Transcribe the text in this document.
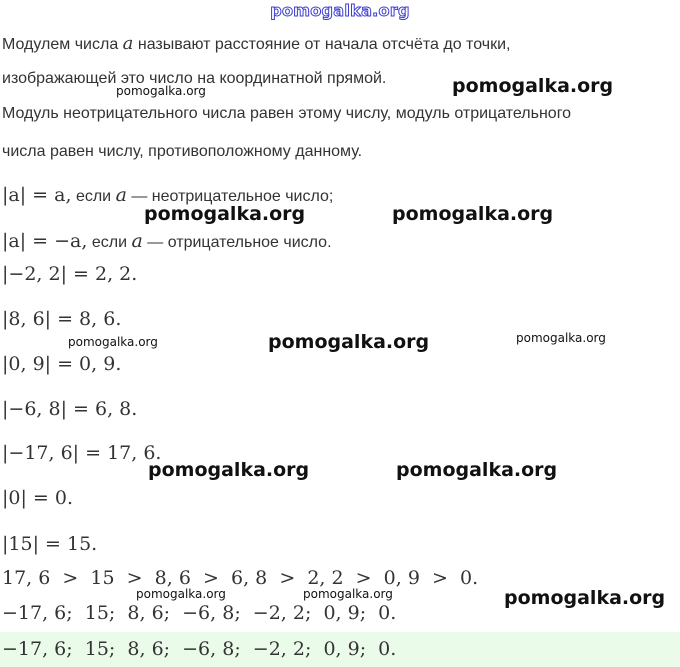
pomogalka.org
Модулем числа a называют расстояние от начала отсчёта до точки,
изображающей это число на координатной прямой.
Модуль неотрицательного числа равен этому числу, модуль отрицательного
числа равен числу, противоположному данному.
|a| = a, если a — неотрицательное число;
|a| = −a, если a — отрицательное число.
|−2, 2| = 2, 2.
|8, 6| = 8, 6.
|0, 9| = 0, 9.
|−6, 8| = 6, 8.
|−17, 6| = 17, 6.
|0| = 0.
|15| = 15.
17, 6  >  15  >  8, 6  >  6, 8  >  2, 2  >  0, 9  >  0.
−17, 6;  15;  8, 6;  −6, 8;  −2, 2;  0, 9;  0.
−17, 6;  15;  8, 6;  −6, 8;  −2, 2;  0, 9;  0.
pomogalka.org
pomogalka.org
pomogalka.org	pomogalka.org
pomogalka.org	pomogalka.org	pomogalka.org
pomogalka.org	pomogalka.org
pomogalka.org	pomogalka.org	pomogalka.org
